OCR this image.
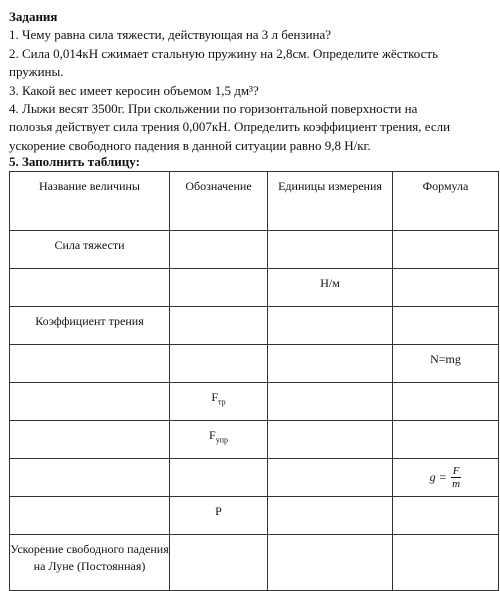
Задания
1. Чему равна сила тяжести, действующая на 3 л бензина?
2. Сила 0,014кН сжимает стальную пружину на 2,8см. Определите жёсткость
пружины.
3. Какой вес имеет керосин объемом 1,5 дм³?
4. Лыжи весят 3500г. При скольжении по горизонтальной поверхности на
полозья действует сила трения 0,007кН. Определить коэффициент трения, если
ускорение свободного падения в данной ситуации равно 9,8 Н/кг.
5. Заполнить таблицу:
Название величины	Обозначение	Единицы измерения	Формула

Сила тяжести			

		Н/м	

Коэффициент трения			

			N=mg

	$F_{тр}$

	$F_{упр}$

			$g = \frac{F}{m}$

	P		

Ускорение свободного падения на Луне (Постоянная)			
